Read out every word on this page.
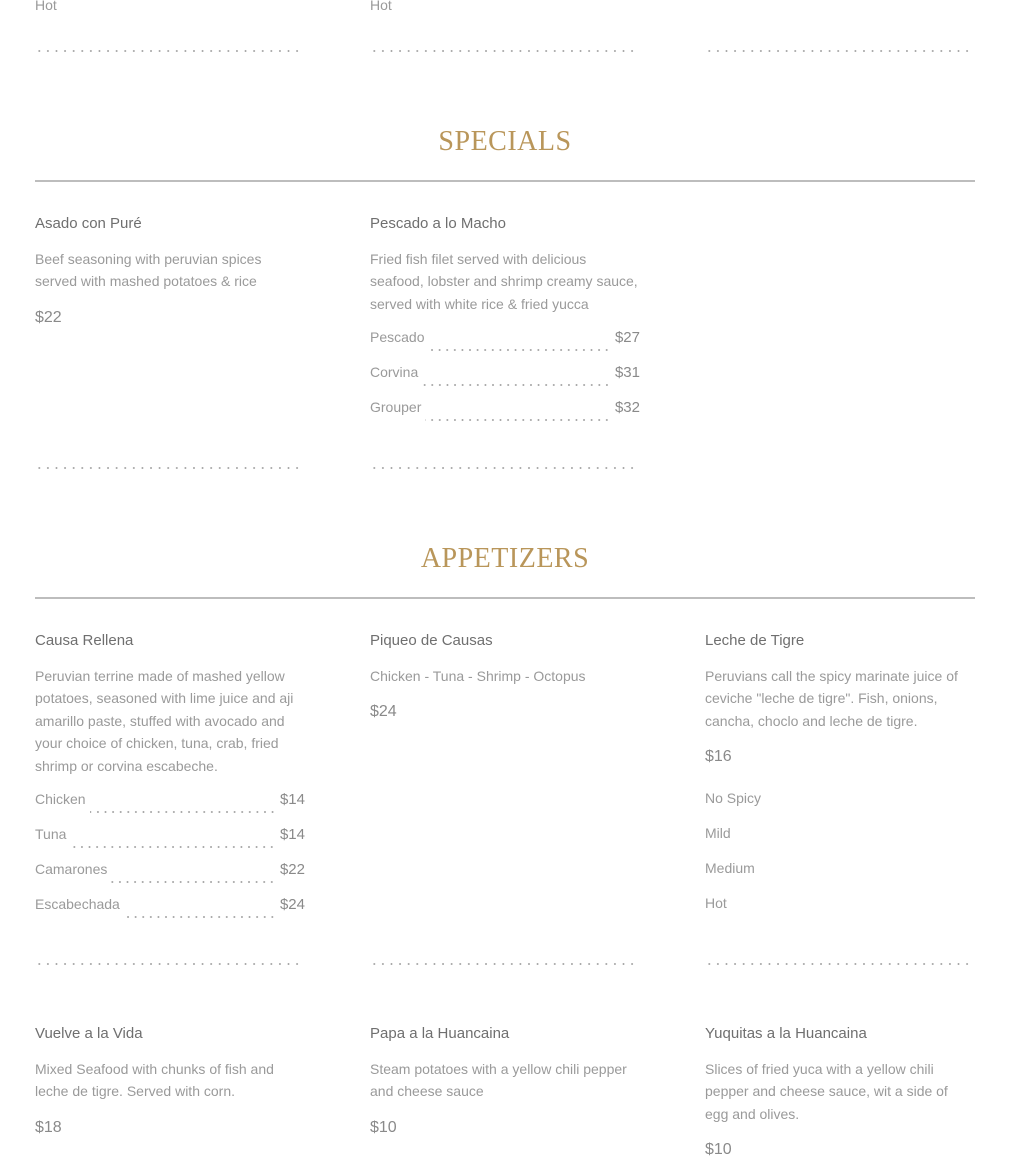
Hot	Hot
SPECIALS

Asado con Puré

Beef seasoning with peruvian spices served with mashed potatoes & rice

$22

Pescado a lo Macho

Fried fish filet served with delicious seafood, lobster and shrimp creamy sauce, served with white rice & fried yucca

Pescado	$27
Corvina	$31
Grouper	$32
APPETIZERS

Causa Rellena

Peruvian terrine made of mashed yellow potatoes, seasoned with lime juice and aji amarillo paste, stuffed with avocado and your choice of chicken, tuna, crab, fried shrimp or corvina escabeche.

Chicken	$14
Tuna	$14
Camarones	$22
Escabechada	$24

Piqueo de Causas

Chicken - Tuna - Shrimp - Octopus

$24

Leche de Tigre

Peruvians call the spicy marinate juice of ceviche "leche de tigre". Fish, onions, cancha, choclo and leche de tigre.

$16

No Spicy
Mild
Medium
Hot

Vuelve a la Vida

Mixed Seafood with chunks of fish and leche de tigre. Served with corn.

$18

Papa a la Huancaina

Steam potatoes with a yellow chili pepper and cheese sauce

$10

Yuquitas a la Huancaina

Slices of fried yuca with a yellow chili pepper and cheese sauce, wit a side of egg and olives.

$10
